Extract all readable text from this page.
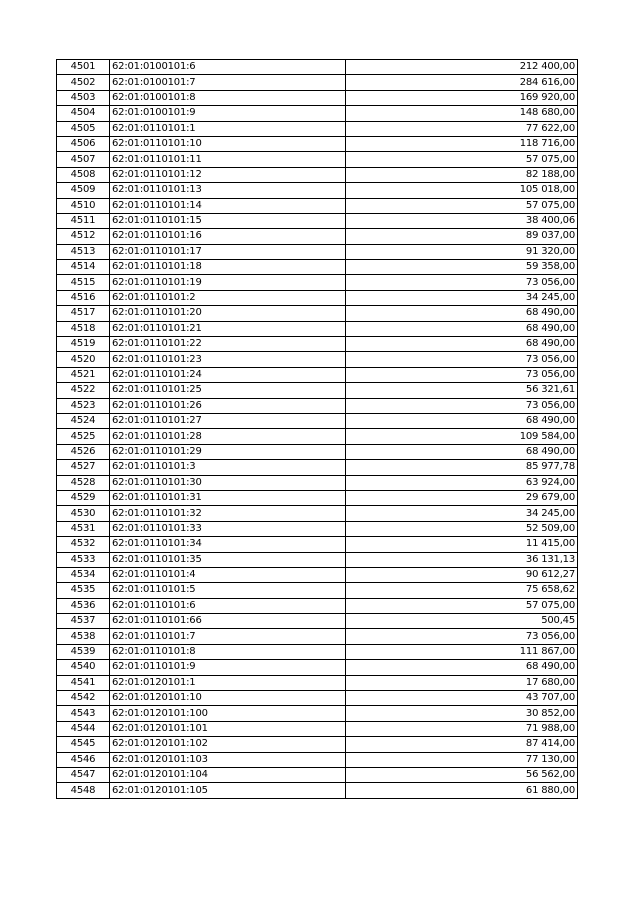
4501	62:01:0100101:6	212 400,00
4502	62:01:0100101:7	284 616,00
4503	62:01:0100101:8	169 920,00
4504	62:01:0100101:9	148 680,00
4505	62:01:0110101:1	77 622,00
4506	62:01:0110101:10	118 716,00
4507	62:01:0110101:11	57 075,00
4508	62:01:0110101:12	82 188,00
4509	62:01:0110101:13	105 018,00
4510	62:01:0110101:14	57 075,00
4511	62:01:0110101:15	38 400,06
4512	62:01:0110101:16	89 037,00
4513	62:01:0110101:17	91 320,00
4514	62:01:0110101:18	59 358,00
4515	62:01:0110101:19	73 056,00
4516	62:01:0110101:2	34 245,00
4517	62:01:0110101:20	68 490,00
4518	62:01:0110101:21	68 490,00
4519	62:01:0110101:22	68 490,00
4520	62:01:0110101:23	73 056,00
4521	62:01:0110101:24	73 056,00
4522	62:01:0110101:25	56 321,61
4523	62:01:0110101:26	73 056,00
4524	62:01:0110101:27	68 490,00
4525	62:01:0110101:28	109 584,00
4526	62:01:0110101:29	68 490,00
4527	62:01:0110101:3	85 977,78
4528	62:01:0110101:30	63 924,00
4529	62:01:0110101:31	29 679,00
4530	62:01:0110101:32	34 245,00
4531	62:01:0110101:33	52 509,00
4532	62:01:0110101:34	11 415,00
4533	62:01:0110101:35	36 131,13
4534	62:01:0110101:4	90 612,27
4535	62:01:0110101:5	75 658,62
4536	62:01:0110101:6	57 075,00
4537	62:01:0110101:66	500,45
4538	62:01:0110101:7	73 056,00
4539	62:01:0110101:8	111 867,00
4540	62:01:0110101:9	68 490,00
4541	62:01:0120101:1	17 680,00
4542	62:01:0120101:10	43 707,00
4543	62:01:0120101:100	30 852,00
4544	62:01:0120101:101	71 988,00
4545	62:01:0120101:102	87 414,00
4546	62:01:0120101:103	77 130,00
4547	62:01:0120101:104	56 562,00
4548	62:01:0120101:105	61 880,00
